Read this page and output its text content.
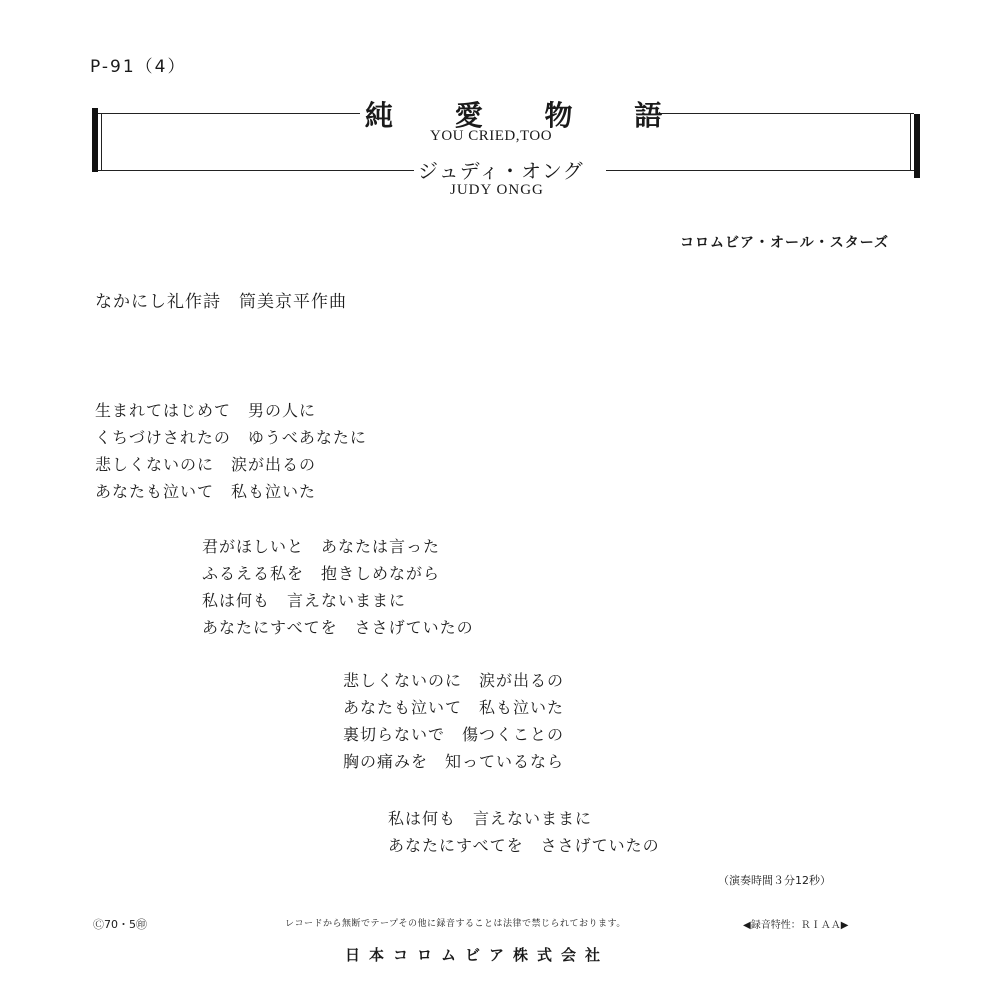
P-91（4）
純 愛 物 語
YOU CRIED,TOO
ジュディ・オング
JUDY ONGG
コロムビア・オール・スターズ
なかにし礼作詩　筒美京平作曲
生まれてはじめて　男の人に
くちづけされたの　ゆうべあなたに
悲しくないのに　涙が出るの
あなたも泣いて　私も泣いた
君がほしいと　あなたは言った
ふるえる私を　抱きしめながら
私は何も　言えないままに
あなたにすべてを　ささげていたの
悲しくないのに　涙が出るの
あなたも泣いて　私も泣いた
裏切らないで　傷つくことの
胸の痛みを　知っているなら
私は何も　言えないままに
あなたにすべてを　ささげていたの
（演奏時間３分12秒）
Ⓒ70・5㊞	レコードから無断でテープその他に録音することは法律で禁じられております。	◀録音特性：ＲＩＡＡ▶
日本コロムビア株式会社
